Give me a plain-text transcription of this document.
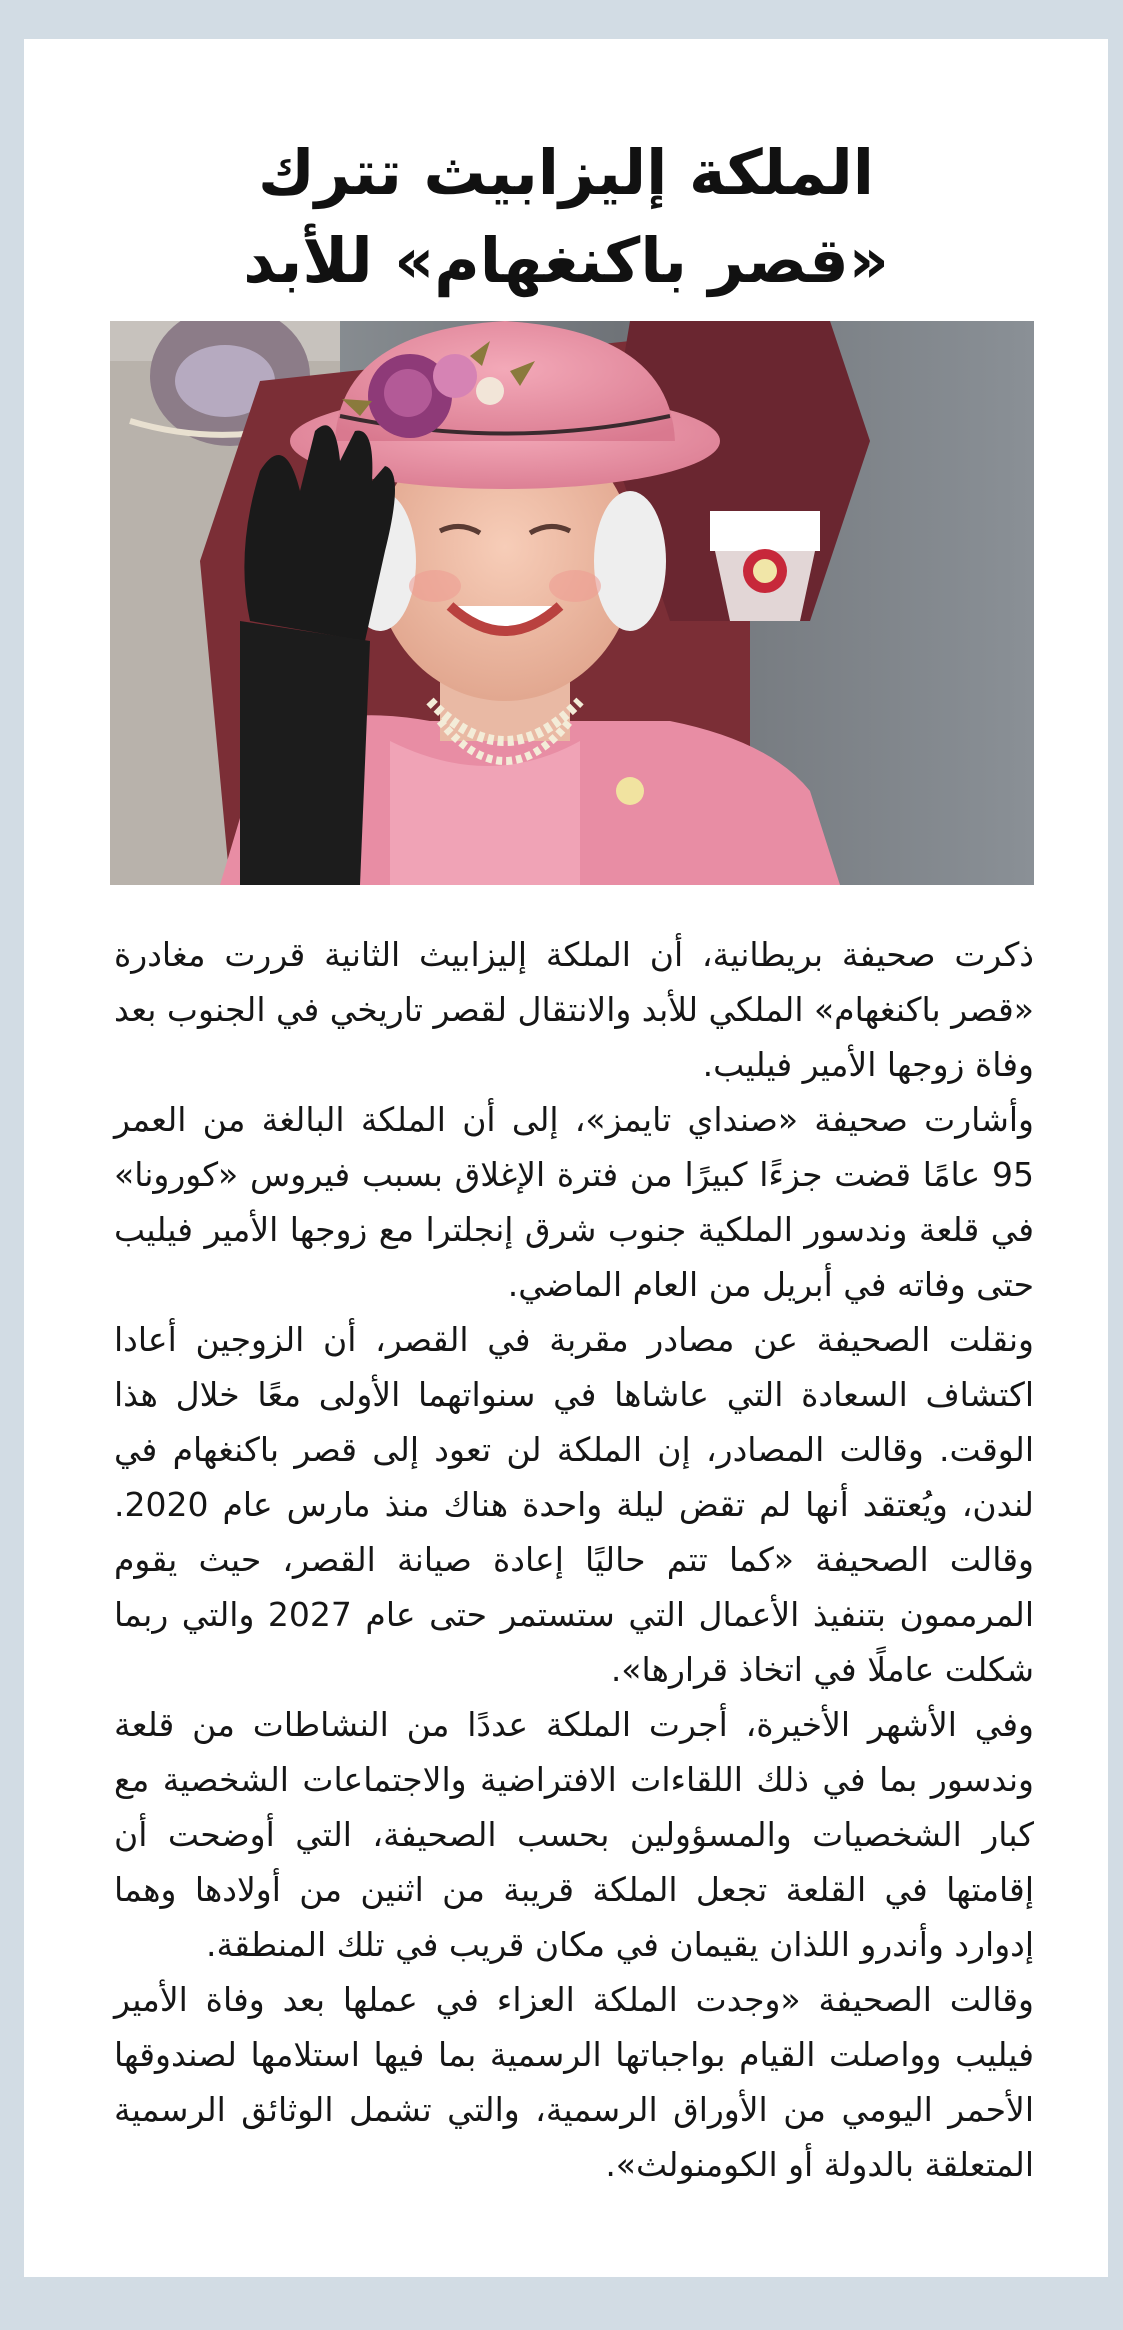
الملكة إليزابيث تترك
«قصر باكنغهام» للأبد
ذكرت صحيفة بريطانية، أن الملكة إليزابيث الثانية قررت مغادرة «قصر باكنغهام» الملكي للأبد والانتقال لقصر تاريخي في الجنوب بعد وفاة زوجها الأمير فيليب.
وأشارت صحيفة «صنداي تايمز»، إلى أن الملكة البالغة من العمر 95 عامًا قضت جزءًا كبيرًا من فترة الإغلاق بسبب فيروس «كورونا» في قلعة وندسور الملكية جنوب شرق إنجلترا مع زوجها الأمير فيليب حتى وفاته في أبريل من العام الماضي.
ونقلت الصحيفة عن مصادر مقربة في القصر، أن الزوجين أعادا اكتشاف السعادة التي عاشاها في سنواتهما الأولى معًا خلال هذا الوقت. وقالت المصادر، إن الملكة لن تعود إلى قصر باكنغهام في لندن، ويُعتقد أنها لم تقض ليلة واحدة هناك منذ مارس عام 2020. وقالت الصحيفة «كما تتم حاليًا إعادة صيانة القصر، حيث يقوم المرممون بتنفيذ الأعمال التي ستستمر حتى عام 2027 والتي ربما شكلت عاملًا في اتخاذ قرارها».
وفي الأشهر الأخيرة، أجرت الملكة عددًا من النشاطات من قلعة وندسور بما في ذلك اللقاءات الافتراضية والاجتماعات الشخصية مع كبار الشخصيات والمسؤولين بحسب الصحيفة، التي أوضحت أن إقامتها في القلعة تجعل الملكة قريبة من اثنين من أولادها وهما إدوارد وأندرو اللذان يقيمان في مكان قريب في تلك المنطقة.
وقالت الصحيفة «وجدت الملكة العزاء في عملها بعد وفاة الأمير فيليب وواصلت القيام بواجباتها الرسمية بما فيها استلامها لصندوقها الأحمر اليومي من الأوراق الرسمية، والتي تشمل الوثائق الرسمية المتعلقة بالدولة أو الكومنولث».
